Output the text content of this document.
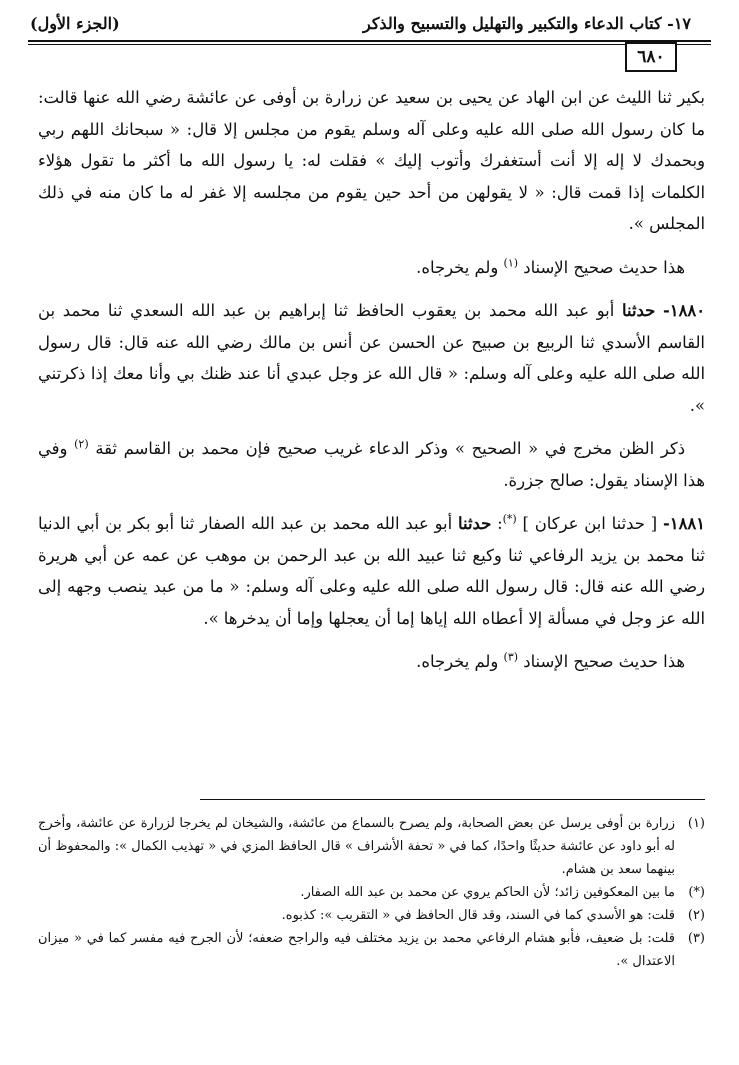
١٧- كتاب الدعاء والتكبير والتهليل والتسبيح والذكر
(الجزء الأول)
٦٨٠

بكير ثنا الليث عن ابن الهاد عن يحيى بن سعيد عن زرارة بن أوفى عن عائشة رضي الله عنها قالت: ما كان رسول الله صلى الله عليه وعلى آله وسلم يقوم من مجلس إلا قال: « سبحانك اللهم ربي وبحمدك لا إله إلا أنت أستغفرك وأتوب إليك » فقلت له: يا رسول الله ما أكثر ما تقول هؤلاء الكلمات إذا قمت قال: « لا يقولهن من أحد حين يقوم من مجلسه إلا غفر له ما كان منه في ذلك المجلس ».

هذا حديث صحيح الإسناد $^{(١)}$ ولم يخرجاه.

١٨٨٠- حدثنا أبو عبد الله محمد بن يعقوب الحافظ ثنا إبراهيم بن عبد الله السعدي ثنا محمد بن القاسم الأسدي ثنا الربيع بن صبيح عن الحسن عن أنس بن مالك رضي الله عنه قال: قال رسول الله صلى الله عليه وعلى آله وسلم: « قال الله عز وجل عبدي أنا عند ظنك بي وأنا معك إذا ذكرتني ».

ذكر الظن مخرج في « الصحيح » وذكر الدعاء غريب صحيح فإن محمد بن القاسم ثقة $^{(٢)}$ وفي هذا الإسناد يقول: صالح جزرة.

١٨٨١- [ حدثنا ابن عركان ] (*): حدثنا أبو عبد الله محمد بن عبد الله الصفار ثنا أبو بكر بن أبي الدنيا ثنا محمد بن يزيد الرفاعي ثنا وكيع ثنا عبيد الله بن عبد الرحمن بن موهب عن عمه عن أبي هريرة رضي الله عنه قال: قال رسول الله صلى الله عليه وعلى آله وسلم: « ما من عبد ينصب وجهه إلى الله عز وجل في مسألة إلا أعطاه الله إياها إما أن يعجلها وإما أن يدخرها ».

هذا حديث صحيح الإسناد $^{(٣)}$ ولم يخرجاه.

(١)
زرارة بن أوفى يرسل عن بعض الصحابة، ولم يصرح بالسماع من عائشة، والشيخان لم يخرجا لزرارة عن عائشة، وأخرج له أبو داود عن عائشة حديثًا واحدًا، كما في « تحفة الأشراف » قال الحافظ المزي في « تهذيب الكمال »: والمحفوظ أن بينهما سعد بن هشام.
(*)
ما بين المعكوفين زائد؛ لأن الحاكم يروي عن محمد بن عبد الله الصفار.
(٢)
قلت: هو الأسدي كما في السند، وقد قال الحافظ في « التقريب »: كذبوه.
(٣)
قلت: بل ضعيف، فأبو هشام الرفاعي محمد بن يزيد مختلف فيه والراجح ضعفه؛ لأن الجرح فيه مفسر كما في « ميزان الاعتدال ».
